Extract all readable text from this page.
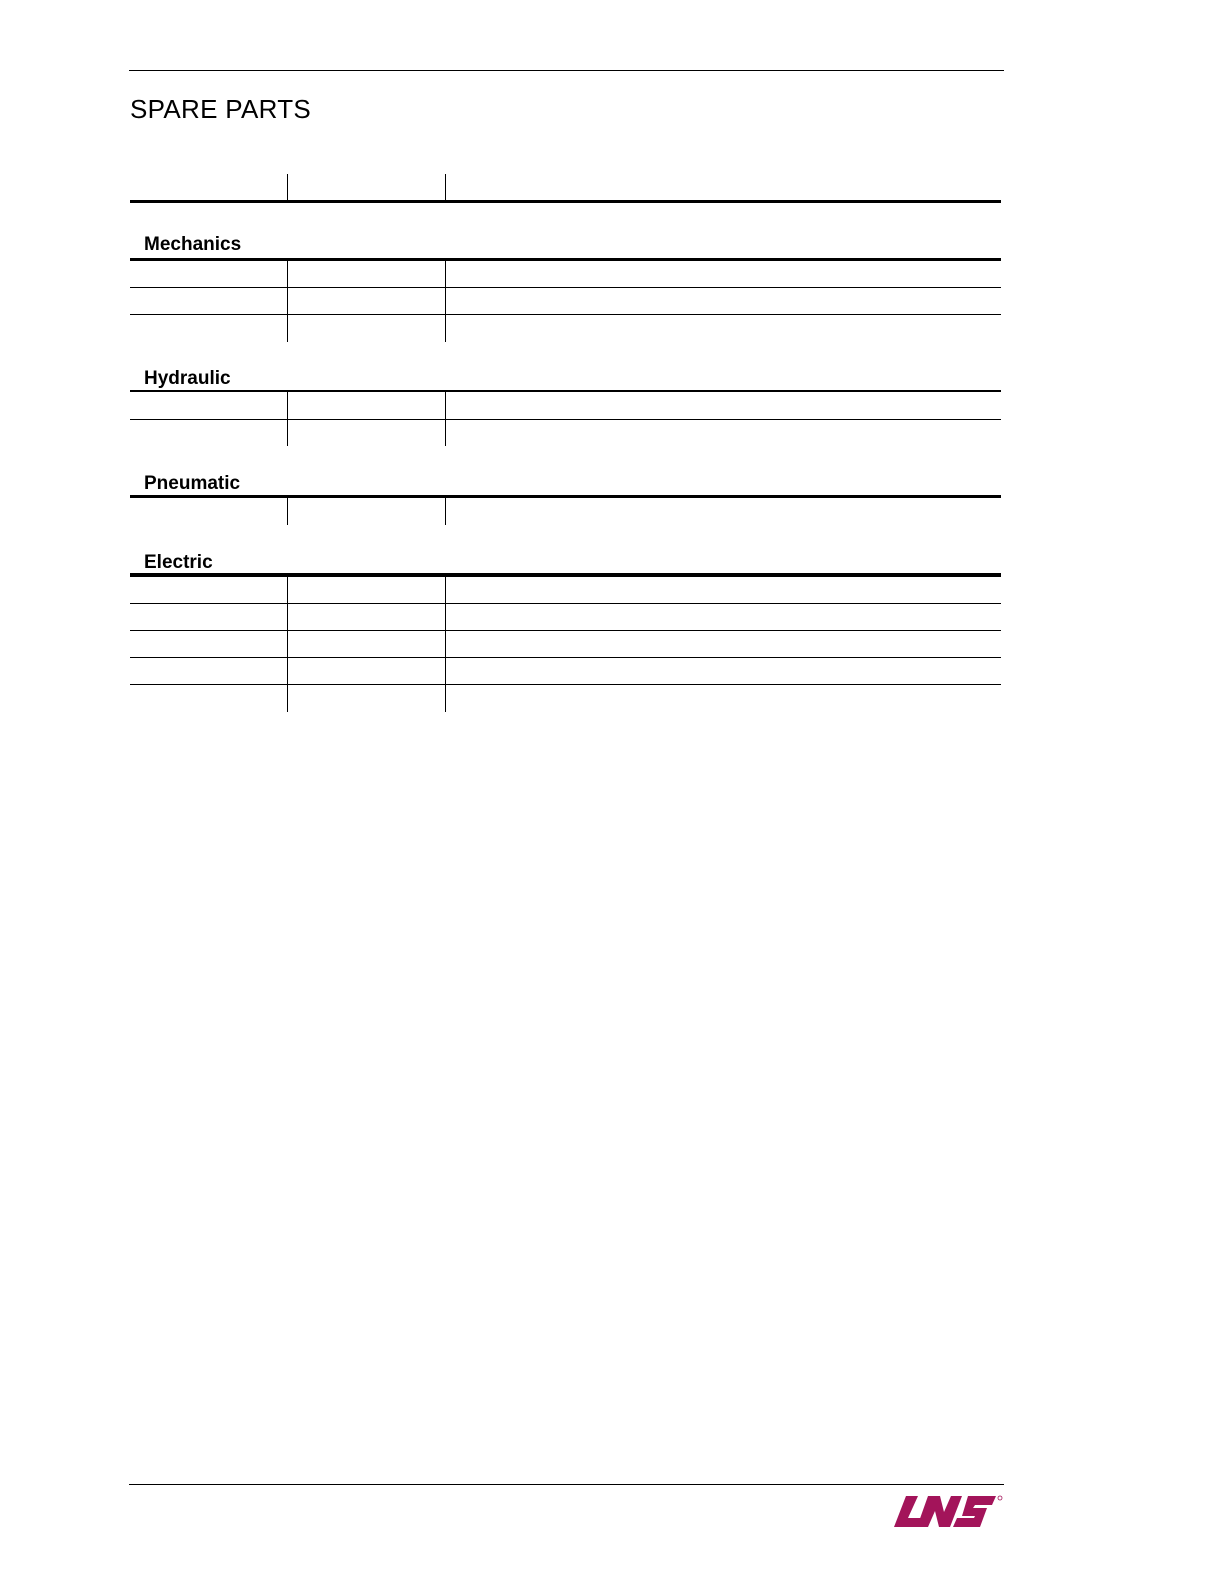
SPARE PARTS
Mechanics
Hydraulic
Pneumatic
Electric
